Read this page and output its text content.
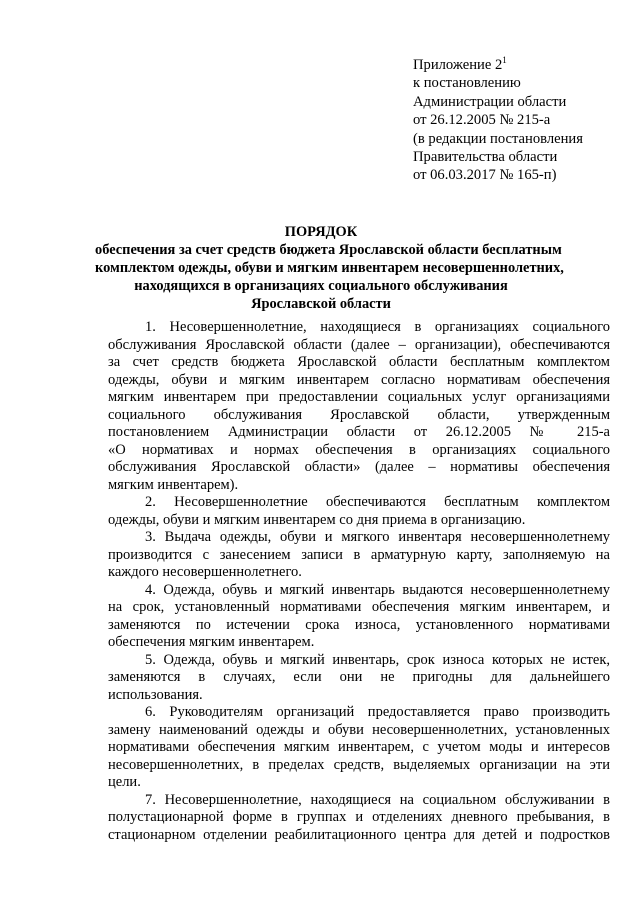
Приложение $2^1$
к постановлению
Администрации области
от 26.12.2005 № 215-а
(в редакции постановления
Правительства области
от 06.03.2017 № 165-п)
ПОРЯДОК
обеспечения за счет средств бюджета Ярославской области бесплатным
комплектом одежды, обуви и мягким инвентарем несовершеннолетних,
находящихся в организациях социального обслуживания
Ярославской области
1. Несовершеннолетние, находящиеся в организациях социального
обслуживания Ярославской области (далее – организации), обеспечиваются
за счет средств бюджета Ярославской области бесплатным комплектом
одежды, обуви и мягким инвентарем согласно нормативам обеспечения
мягким инвентарем при предоставлении социальных услуг организациями
социального обслуживания Ярославской области, утвержденным
постановлением Администрации области от 26.12.2005 № 215-а
«О нормативах и нормах обеспечения в организациях социального
обслуживания Ярославской области» (далее – нормативы обеспечения
мягким инвентарем).
2. Несовершеннолетние обеспечиваются бесплатным комплектом
одежды, обуви и мягким инвентарем со дня приема в организацию.
3. Выдача одежды, обуви и мягкого инвентаря несовершеннолетнему
производится с занесением записи в арматурную карту, заполняемую на
каждого несовершеннолетнего.
4. Одежда, обувь и мягкий инвентарь выдаются несовершеннолетнему
на срок, установленный нормативами обеспечения мягким инвентарем, и
заменяются по истечении срока износа, установленного нормативами
обеспечения мягким инвентарем.
5. Одежда, обувь и мягкий инвентарь, срок износа которых не истек,
заменяются в случаях, если они не пригодны для дальнейшего
использования.
6. Руководителям организаций предоставляется право производить
замену наименований одежды и обуви несовершеннолетних, установленных
нормативами обеспечения мягким инвентарем, с учетом моды и интересов
несовершеннолетних, в пределах средств, выделяемых организации на эти
цели.
7. Несовершеннолетние, находящиеся на социальном обслуживании в
полустационарной форме в группах и отделениях дневного пребывания, в
стационарном отделении реабилитационного центра для детей и подростков
